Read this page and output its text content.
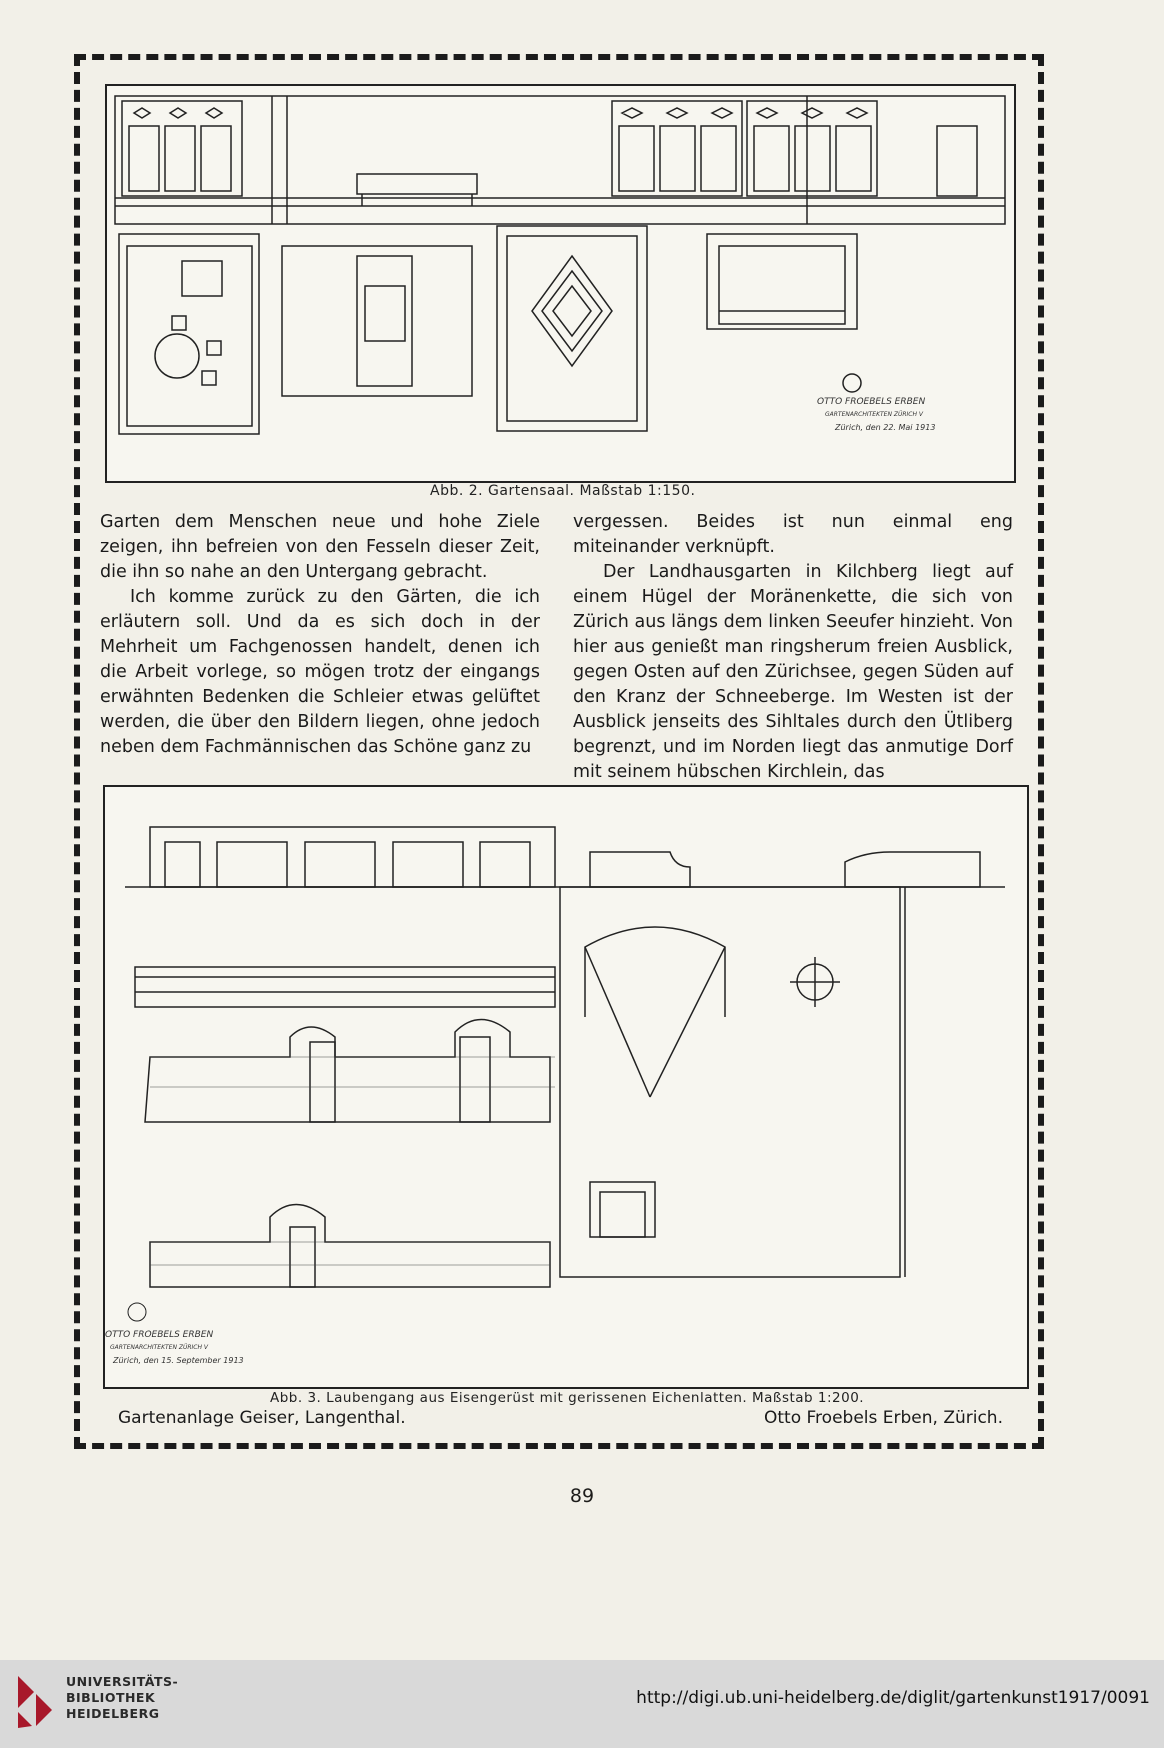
OTTO FROEBELS ERBEN
GARTENARCHITEKTEN ZÜRICH V
Zürich, den 22. Mai 1913
Abb. 2. Gartensaal. Maßstab 1:150.

Garten dem Menschen neue und hohe Ziele zeigen, ihn befreien von den Fesseln dieser Zeit, die ihn so nahe an den Untergang gebracht.

Ich komme zurück zu den Gärten, die ich erläutern soll. Und da es sich doch in der Mehrheit um Fachgenossen handelt, denen ich die Arbeit vorlege, so mögen trotz der eingangs erwähnten Bedenken die Schleier etwas gelüftet werden, die über den Bildern liegen, ohne jedoch neben dem Fachmännischen das Schöne ganz zu

vergessen. Beides ist nun einmal eng miteinander verknüpft.

Der Landhausgarten in Kilchberg liegt auf einem Hügel der Moränenkette, die sich von Zürich aus längs dem linken Seeufer hinzieht. Von hier aus genießt man ringsherum freien Ausblick, gegen Osten auf den Zürichsee, gegen Süden auf den Kranz der Schneeberge. Im Westen ist der Ausblick jenseits des Sihltales durch den Ütliberg begrenzt, und im Norden liegt das anmutige Dorf mit seinem hübschen Kirchlein, das

OTTO FROEBELS ERBEN
GARTENARCHITEKTEN ZÜRICH V
Zürich, den 15. September 1913
Abb. 3. Laubengang aus Eisengerüst mit gerissenen Eichenlatten. Maßstab 1:200.
Gartenanlage Geiser, Langenthal.	Otto Froebels Erben, Zürich.
89
UNIVERSITÄTS-
BIBLIOTHEK
HEIDELBERG
http://digi.ub.uni-heidelberg.de/diglit/gartenkunst1917/0091
